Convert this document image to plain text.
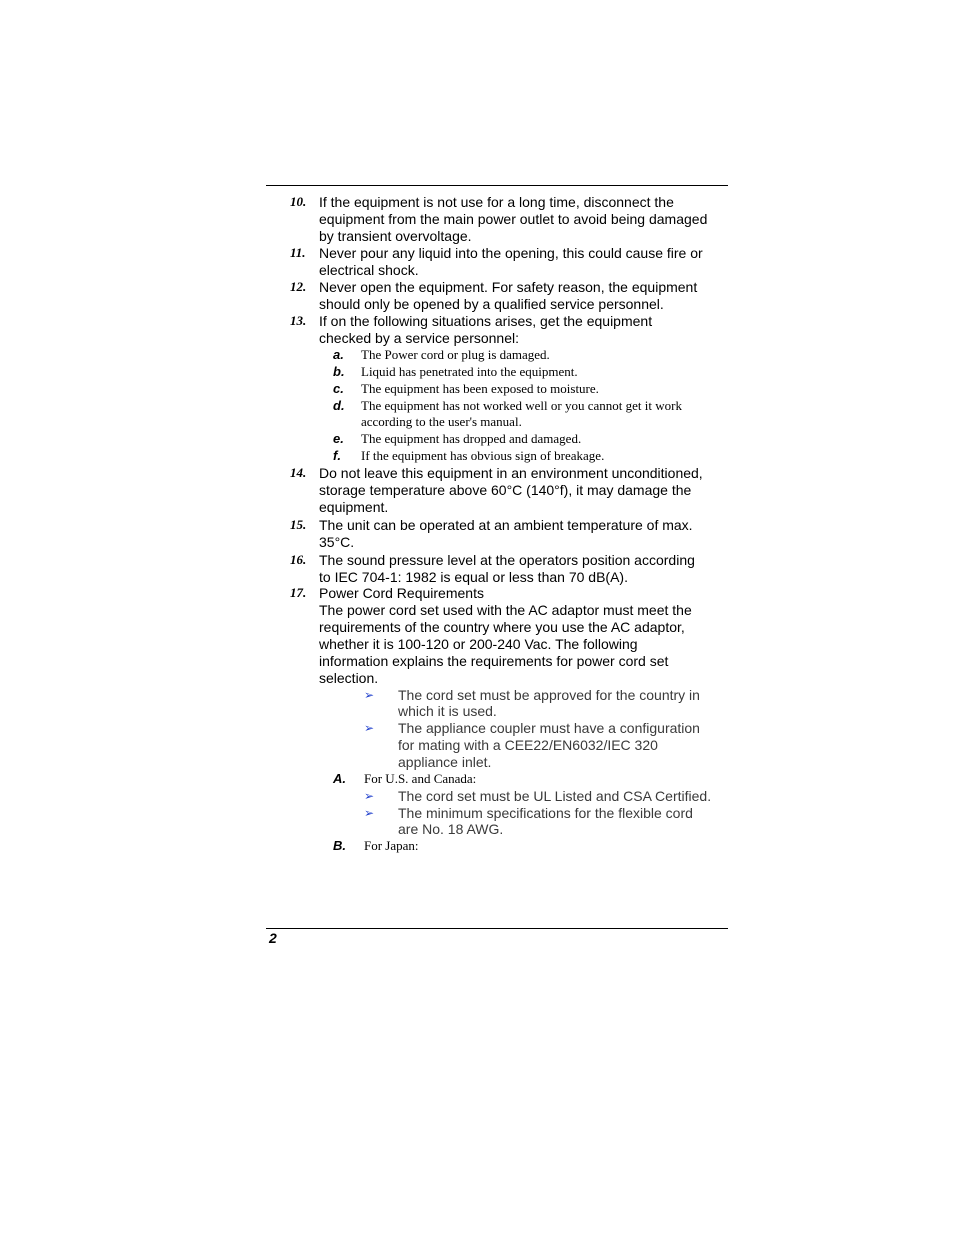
10. If the equipment is not use for a long time, disconnect the
equipment from the main power outlet to avoid being damaged
by transient overvoltage.
11. Never pour any liquid into the opening, this could cause fire or
electrical shock.
12. Never open the equipment. For safety reason, the equipment
should only be opened by a qualified service personnel.
13. If on the following situations arises, get the equipment
checked by a service personnel:
a. The Power cord or plug is damaged.
b. Liquid has penetrated into the equipment.
c. The equipment has been exposed to moisture.
d. The equipment has not worked well or you cannot get it work
according to the user's manual.
e. The equipment has dropped and damaged.
f. If the equipment has obvious sign of breakage.
14. Do not leave this equipment in an environment unconditioned,
storage temperature above 60°C (140°f), it may damage the
equipment.
15. The unit can be operated at an ambient temperature of max.
35°C.
16. The sound pressure level at the operators position according
to IEC 704-1: 1982 is equal or less than 70 dB(A).
17. Power Cord Requirements
The power cord set used with the AC adaptor must meet the
requirements of the country where you use the AC adaptor,
whether it is 100-120 or 200-240 Vac. The following
information explains the requirements for power cord set
selection.
➢ The cord set must be approved for the country in
which it is used.
➢ The appliance coupler must have a configuration
for mating with a CEE22/EN6032/IEC 320
appliance inlet.
A. For U.S. and Canada:
➢ The cord set must be UL Listed and CSA Certified.
➢ The minimum specifications for the flexible cord
are No. 18 AWG.
B. For Japan:
2
